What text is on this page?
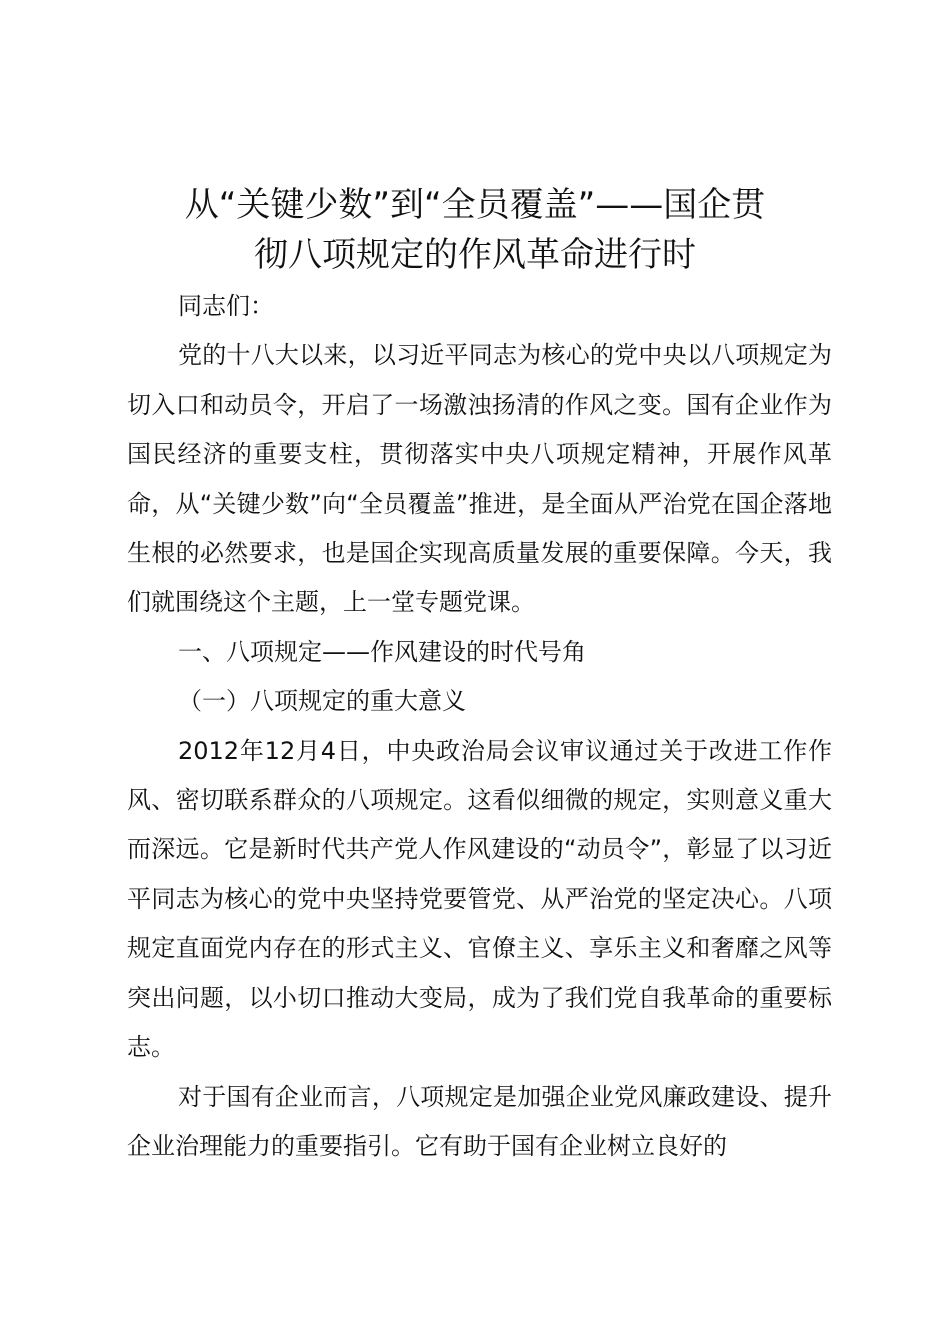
从“关键少数”到“全员覆盖”——国企贯
彻八项规定的作风革命进行时

同志们：

党的十八大以来，以习近平同志为核心的党中央以八项规定为切入口和动员令，开启了一场激浊扬清的作风之变。国有企业作为国民经济的重要支柱，贯彻落实中央八项规定精神，开展作风革命，从“关键少数”向“全员覆盖”推进，是全面从严治党在国企落地生根的必然要求，也是国企实现高质量发展的重要保障。今天，我们就围绕这个主题，上一堂专题党课。

一、八项规定——作风建设的时代号角

（一）八项规定的重大意义

2012年12月4日，中央政治局会议审议通过关于改进工作作风、密切联系群众的八项规定。这看似细微的规定，实则意义重大而深远。它是新时代共产党人作风建设的“动员令”，彰显了以习近平同志为核心的党中央坚持党要管党、从严治党的坚定决心。八项规定直面党内存在的形式主义、官僚主义、享乐主义和奢靡之风等突出问题，以小切口推动大变局，成为了我们党自我革命的重要标志。

对于国有企业而言，八项规定是加强企业党风廉政建设、提升企业治理能力的重要指引。它有助于国有企业树立良好的
